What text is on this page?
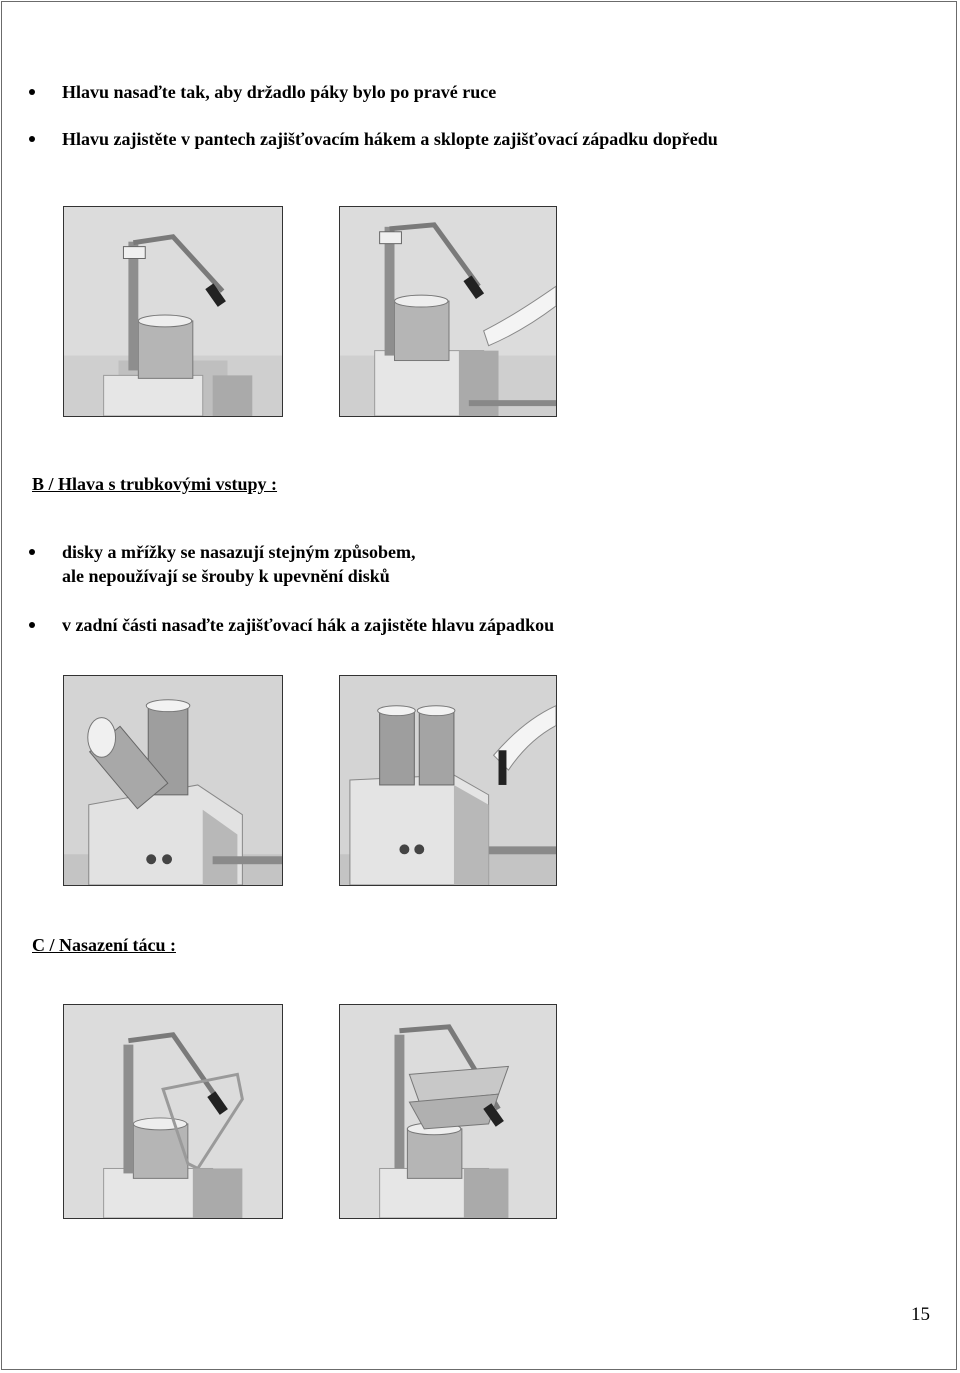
Hlavu nasaďte tak, aby držadlo páky bylo po pravé ruce
Hlavu zajistěte v pantech zajišťovacím hákem a sklopte zajišťovací západku dopředu
B / Hlava s trubkovými vstupy :
disky a mřížky se nasazují stejným způsobem,
ale nepoužívají se šrouby k upevnění disků
v zadní části nasaďte zajišťovací hák a zajistěte hlavu západkou
C / Nasazení tácu :
15
